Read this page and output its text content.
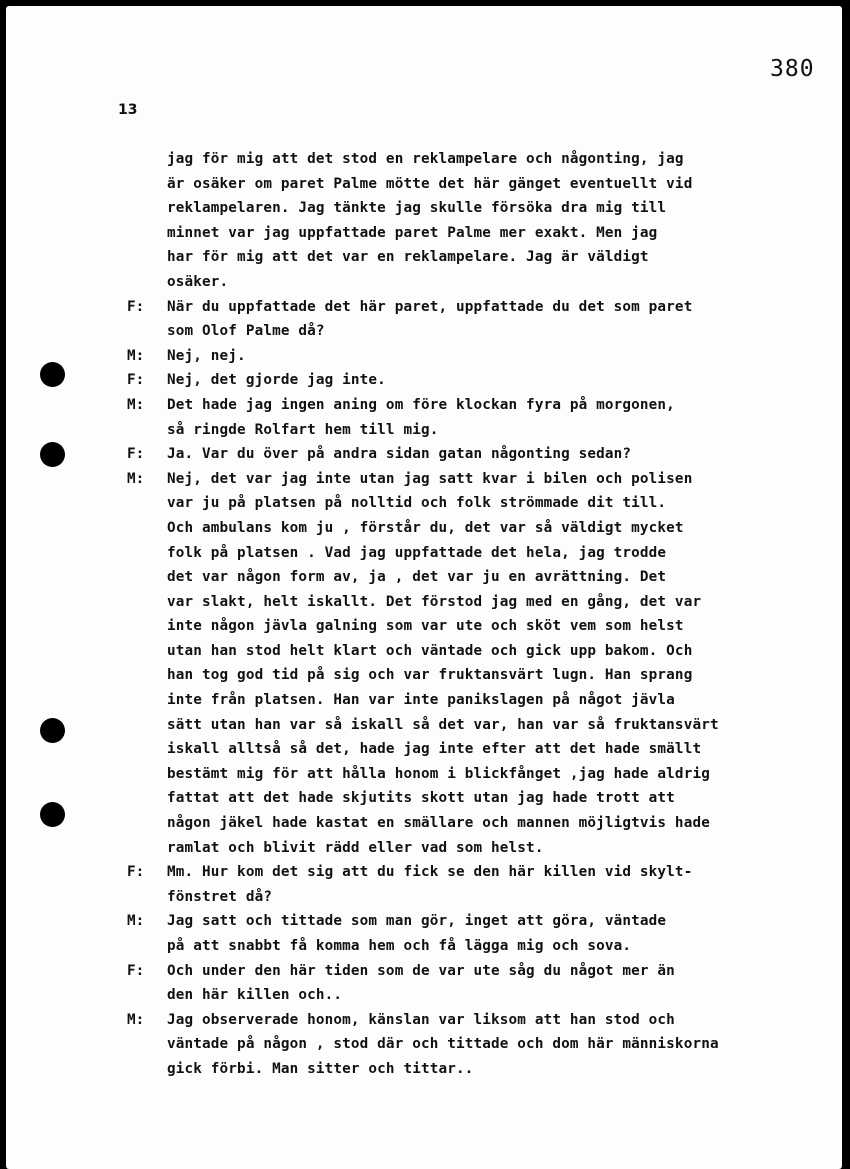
380
13
jag för mig att det stod en reklampelare och någonting, jag
är osäker om paret Palme mötte det här gänget eventuellt vid
reklampelaren. Jag tänkte jag skulle försöka dra mig till
minnet var jag uppfattade paret Palme mer exakt. Men jag
har för mig att det var en reklampelare. Jag är väldigt
osäker.
F: När du uppfattade det här paret, uppfattade du det som paret
som Olof Palme då?
M: Nej, nej.
F: Nej, det gjorde jag inte.
M: Det hade jag ingen aning om före klockan fyra på morgonen,
så ringde Rolfart hem till mig.
F: Ja. Var du över på andra sidan gatan någonting sedan?
M: Nej, det var jag inte utan jag satt kvar i bilen och polisen
var ju på platsen på nolltid och folk strömmade dit till.
Och ambulans kom ju , förstår du, det var så väldigt mycket
folk på platsen . Vad jag uppfattade det hela, jag trodde
det var någon form av, ja , det var ju en avrättning. Det
var slakt, helt iskallt. Det förstod jag med en gång, det var
inte någon jävla galning som var ute och sköt vem som helst
utan han stod helt klart och väntade och gick upp bakom. Och
han tog god tid på sig och var fruktansvärt lugn. Han sprang
inte från platsen. Han var inte panikslagen på något jävla
sätt utan han var så iskall så det var, han var så fruktansvärt
iskall alltså så det, hade jag inte efter att det hade smällt
bestämt mig för att hålla honom i blickfånget ,jag hade aldrig
fattat att det hade skjutits skott utan jag hade trott att
någon jäkel hade kastat en smällare och mannen möjligtvis hade
ramlat och blivit rädd eller vad som helst.
F: Mm. Hur kom det sig att du fick se den här killen vid skylt-
fönstret då?
M: Jag satt och tittade som man gör, inget att göra, väntade
på att snabbt få komma hem och få lägga mig och sova.
F: Och under den här tiden som de var ute såg du något mer än
den här killen och..
M: Jag observerade honom, känslan var liksom att han stod och
väntade på någon , stod där och tittade och dom här människorna
gick förbi. Man sitter och tittar..
